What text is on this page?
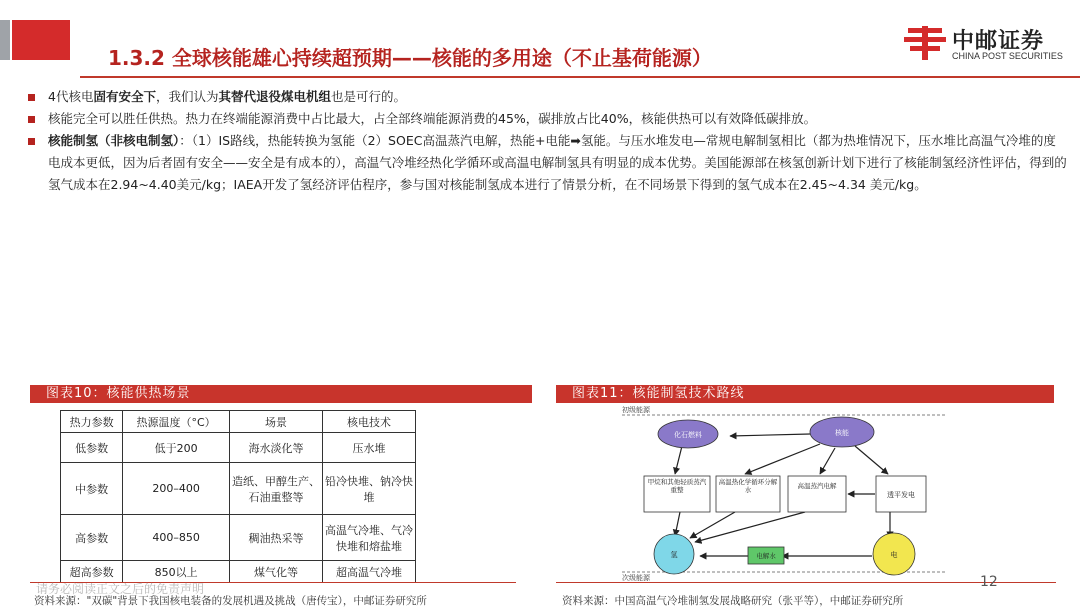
1.3.2 全球核能雄心持续超预期——核能的多用途（不止基荷能源）
中邮证券
CHINA POST SECURITIES
4代核电固有安全下，我们认为其替代退役煤电机组也是可行的。
核能完全可以胜任供热。热力在终端能源消费中占比最大，占全部终端能源消费的45%，碳排放占比40%，核能供热可以有效降低碳排放。
核能制氢（非核电制氢）：（1）IS路线，热能转换为氢能（2）SOEC高温蒸汽电解，热能+电能➡氢能。与压水堆发电—常规电解制氢相比（都为热堆情况下，压水堆比高温气冷堆的度电成本更低，因为后者固有安全——安全是有成本的），高温气冷堆经热化学循环或高温电解制氢具有明显的成本优势。美国能源部在核氢创新计划下进行了核能制氢经济性评估，得到的氢气成本在2.94~4.40美元/kg；IAEA开发了氢经济评估程序，参与国对核能制氢成本进行了情景分析，在不同场景下得到的氢气成本在2.45~4.34 美元/kg。
图表10：核能供热场景
热力参数	热源温度（°C）	场景	核电技术
低参数	低于200	海水淡化等	压水堆
中参数	200–400	造纸、甲醇生产、石油重整等	铅冷快堆、钠冷快堆
高参数	400–850	稠油热采等	高温气冷堆、气冷快堆和熔盐堆
超高参数	850以上	煤气化等	超高温气冷堆
请务必阅读正文之后的免责声明
资料来源："双碳"背景下我国核电装备的发展机遇及挑战（唐传宝），中邮证券研究所
图表11：核能制氢技术路线
初级能源
次级能源
化石燃料	核能
甲烷和其他轻质蒸汽重整
高温热化学循环分解水	高温蒸汽电解
透平发电
氢	电
电解水
12
资料来源：中国高温气冷堆制氢发展战略研究（张平等），中邮证券研究所
